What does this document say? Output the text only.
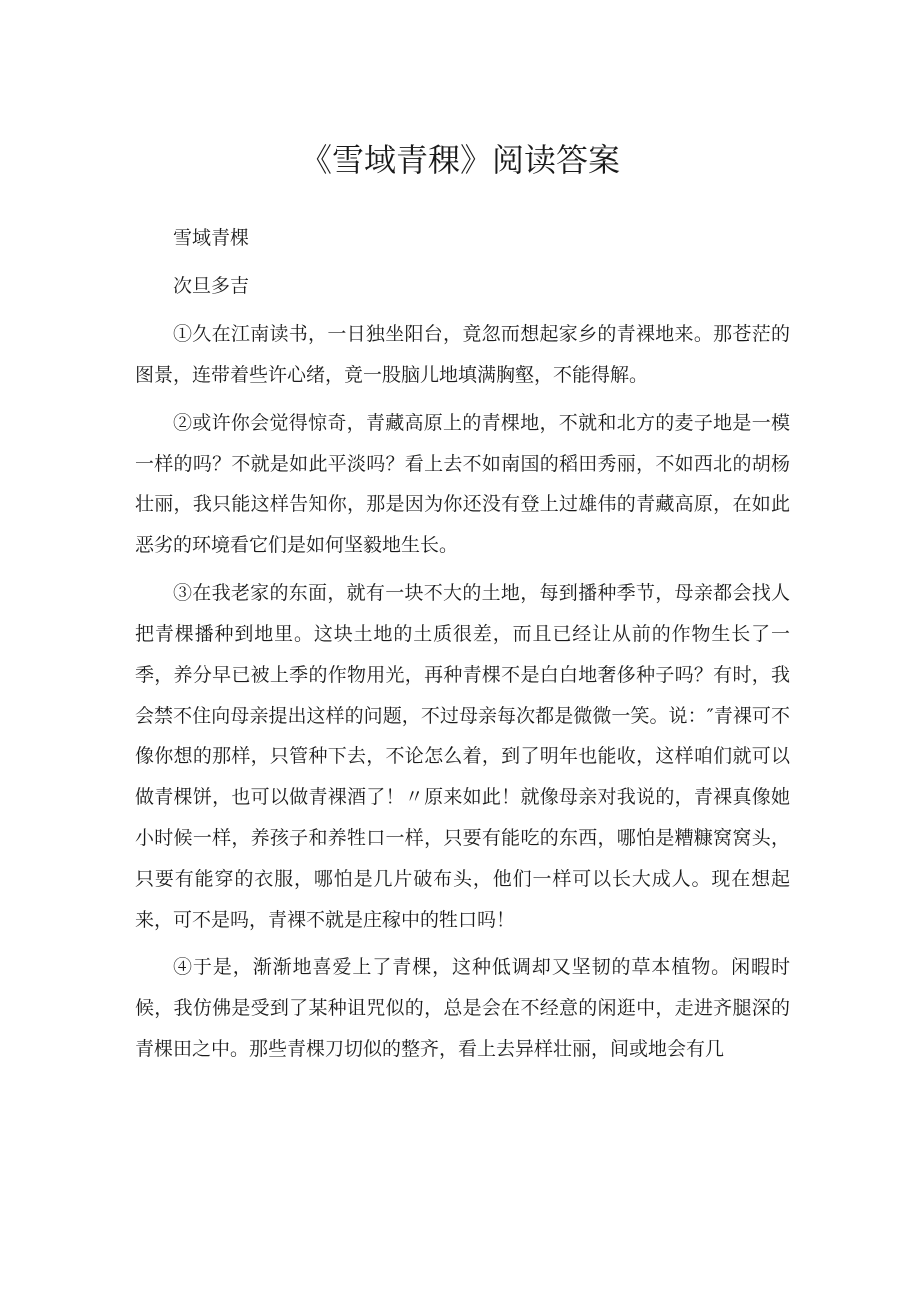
《雪域青稞》阅读答案

雪域青棵

次旦多吉

①久在江南读书，一日独坐阳台，竟忽而想起家乡的青裸地来。那苍茫的图景，连带着些许心绪，竟一股脑儿地填满胸壑，不能得解。

②或许你会觉得惊奇，青藏高原上的青棵地，不就和北方的麦子地是一模一样的吗？不就是如此平淡吗？看上去不如南国的稻田秀丽，不如西北的胡杨壮丽，我只能这样告知你，那是因为你还没有登上过雄伟的青藏高原，在如此恶劣的环境看它们是如何坚毅地生长。

③在我老家的东面，就有一块不大的土地，每到播种季节，母亲都会找人把青棵播种到地里。这块土地的土质很差，而且已经让从前的作物生长了一季，养分早已被上季的作物用光，再种青棵不是白白地奢侈种子吗？有时，我会禁不住向母亲提出这样的问题，不过母亲每次都是微微一笑。说：″青裸可不像你想的那样，只管种下去，不论怎么着，到了明年也能收，这样咱们就可以做青棵饼，也可以做青裸酒了！〃原来如此！就像母亲对我说的，青裸真像她小时候一样，养孩子和养牲口一样，只要有能吃的东西，哪怕是糟糠窝窝头，只要有能穿的衣服，哪怕是几片破布头，他们一样可以长大成人。现在想起来，可不是吗，青裸不就是庄稼中的牲口吗！

④于是，渐渐地喜爱上了青棵，这种低调却又坚韧的草本植物。闲暇时候，我仿佛是受到了某种诅咒似的，总是会在不经意的闲逛中，走进齐腿深的青棵田之中。那些青棵刀切似的整齐，看上去异样壮丽，间或地会有几
